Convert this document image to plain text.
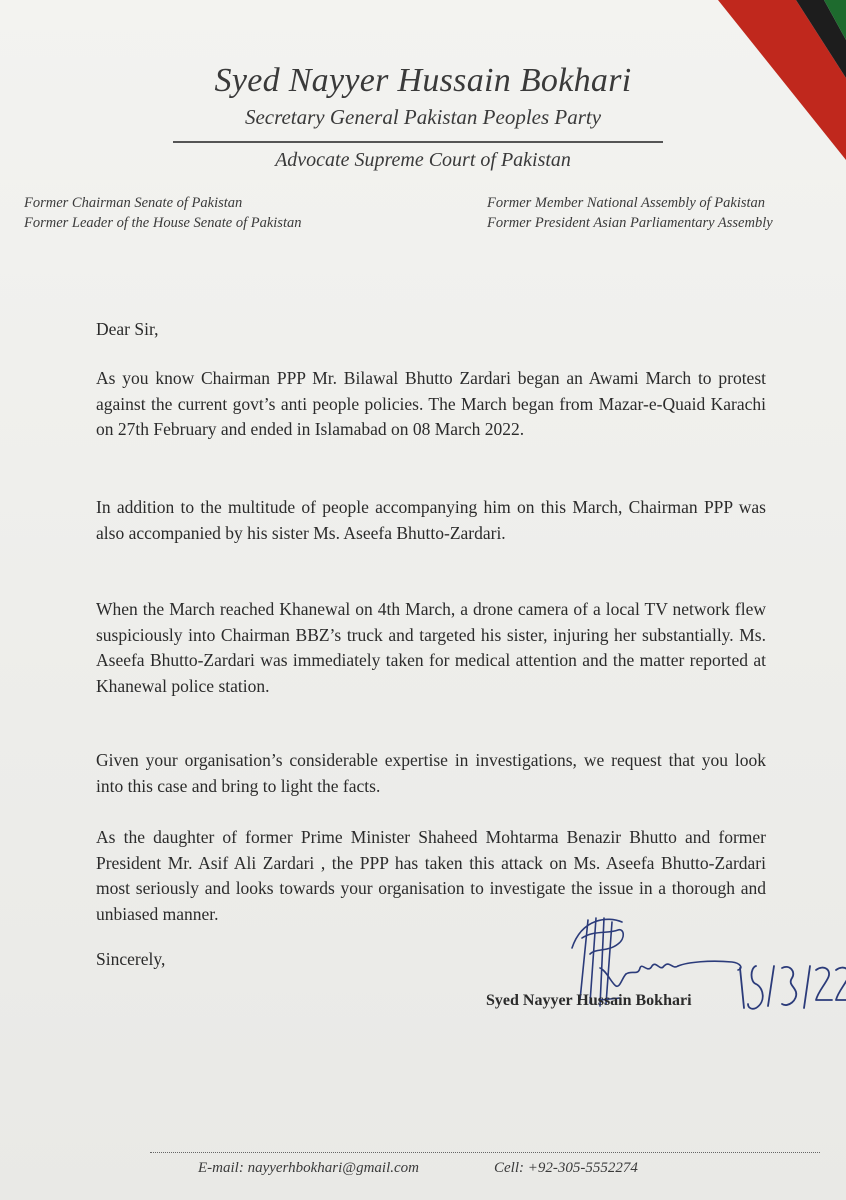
Syed Nayyer Hussain Bokhari
Secretary General Pakistan Peoples Party
Advocate Supreme Court of Pakistan
Former Chairman Senate of Pakistan
Former Leader of the House Senate of Pakistan
Former Member National Assembly of Pakistan
Former President Asian Parliamentary Assembly
Dear Sir,

As you know Chairman PPP Mr. Bilawal Bhutto Zardari began an Awami March to protest against the current govt’s anti people policies. The March began from Mazar-e-Quaid Karachi on 27th February and ended in Islamabad on 08 March 2022.

In addition to the multitude of people accompanying him on this March, Chairman PPP was also accompanied by his sister Ms. Aseefa Bhutto-Zardari.

When the March reached Khanewal on 4th March, a drone camera of a local TV network flew suspiciously into Chairman BBZ’s truck and targeted his sister, injuring her substantially. Ms. Aseefa Bhutto-Zardari was immediately taken for medical attention and the matter reported at Khanewal police station.

Given your organisation’s considerable expertise in investigations, we request that you look into this case and bring to light the facts.

As the daughter of former Prime Minister Shaheed Mohtarma Benazir Bhutto and former President Mr. Asif Ali Zardari , the PPP has taken this attack on Ms. Aseefa Bhutto-Zardari most seriously and looks towards your organisation to investigate the issue in a thorough and unbiased manner.

Sincerely,
Syed Nayyer Hussain Bokhari
E-mail: nayyerhbokhari@gmail.com	Cell: +92-305-5552274
